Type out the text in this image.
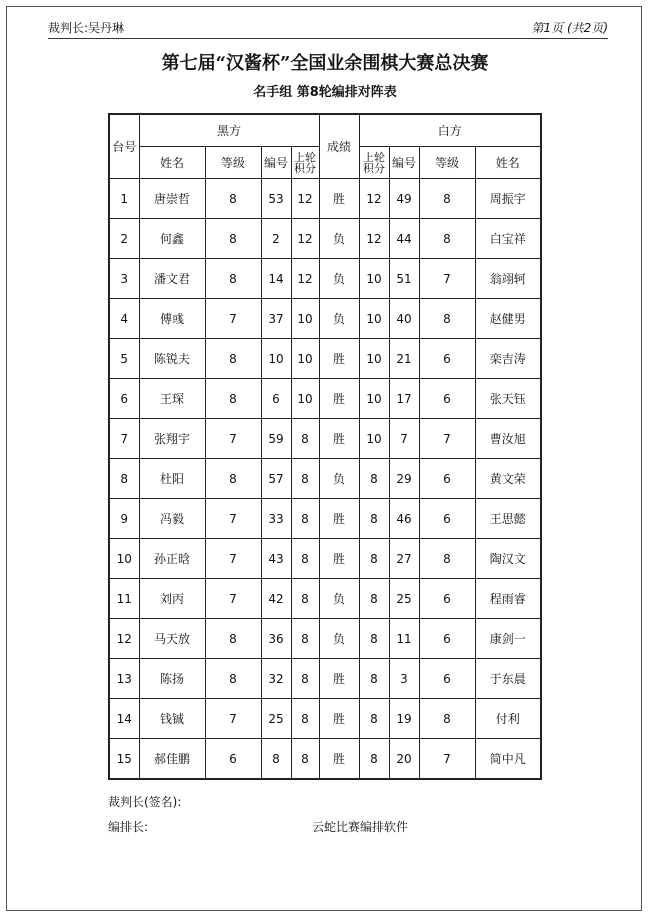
裁判长:吴丹琳	第1页 (共2页)
第七届“汉酱杯”全国业余围棋大赛总决赛
名手组 第8轮编排对阵表
台号	黑方				成绩	白方			
	姓名	等级	编号	上轮积分		上轮积分	编号	等级	姓名
1	唐崇哲	8	53	12	胜	12	49	8	周振宇
2	何鑫	8	2	12	负	12	44	8	白宝祥
3	潘文君	8	14	12	负	10	51	7	翁翊轲
4	傅彧	7	37	10	负	10	40	8	赵健男
5	陈锐夫	8	10	10	胜	10	21	6	栾吉涛
6	王琛	8	6	10	胜	10	17	6	张天钰
7	张翔宇	7	59	8	胜	10	7	7	曹汝旭
8	杜阳	8	57	8	负	8	29	6	黄文荣
9	冯毅	7	33	8	胜	8	46	6	王思懿
10	孙正晗	7	43	8	胜	8	27	8	陶汉文
11	刘丙	7	42	8	负	8	25	6	程雨睿
12	马天放	8	36	8	负	8	11	6	康剑一
13	陈扬	8	32	8	胜	8	3	6	于东晨
14	钱铖	7	25	8	胜	8	19	8	付利
15	郝佳鹏	6	8	8	胜	8	20	7	简中凡
裁判长(签名):
编排长:	云蛇比赛编排软件
